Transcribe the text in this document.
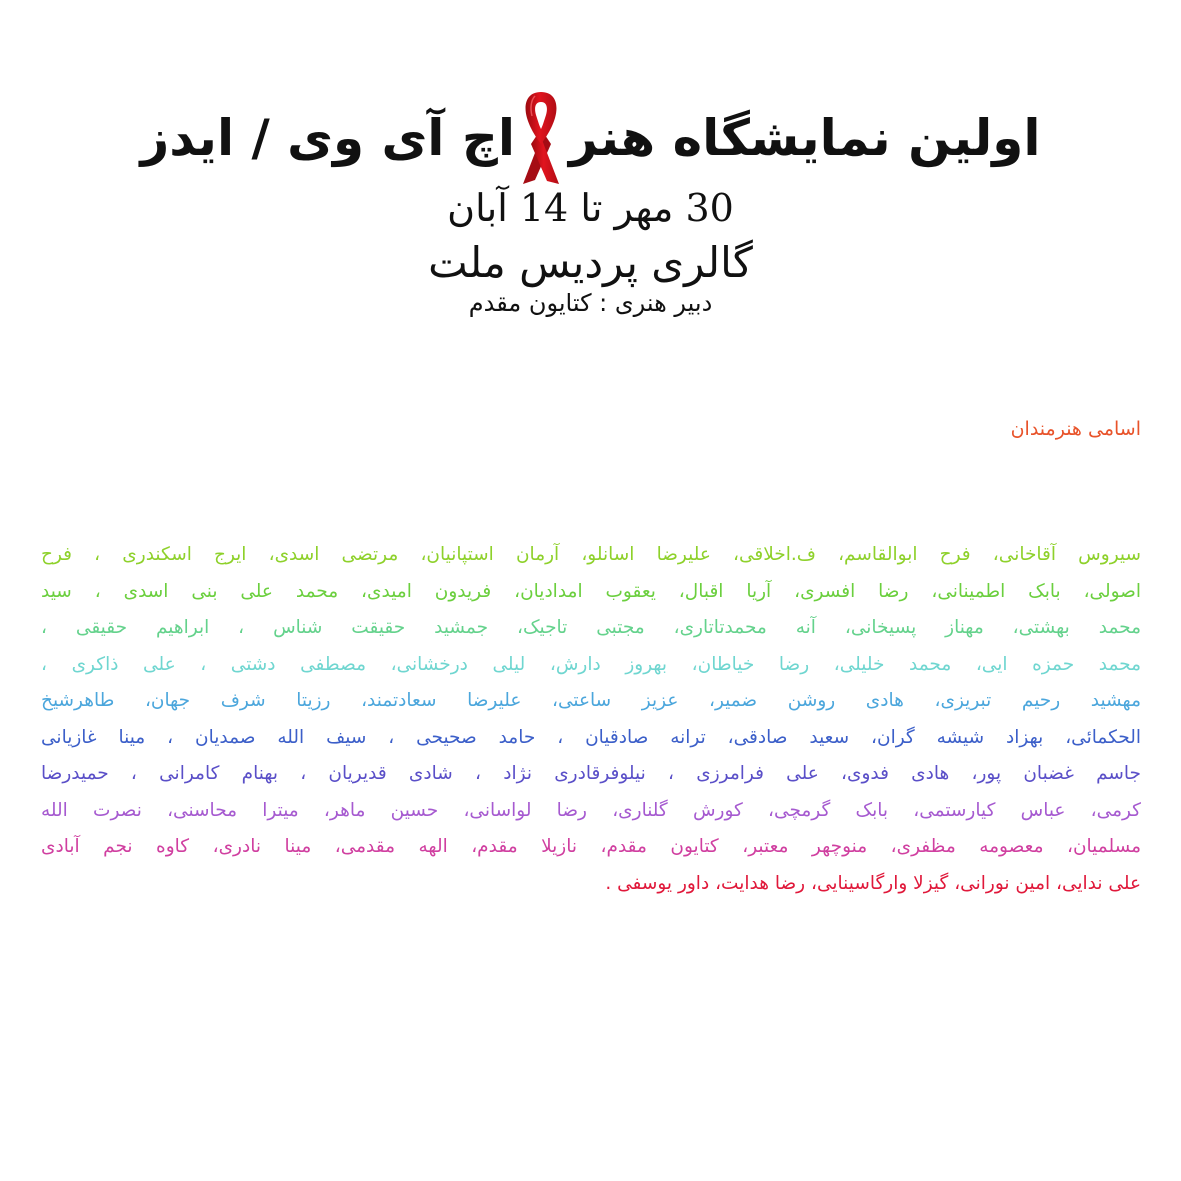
اولین نمایشگاه هنر
اچ آی وی / ایدز
30 مهر تا 14 آبان
گالری پردیس ملت
دبیر هنری : کتایون مقدم
اسامی هنرمندان
سیروس آقاخانی، فرح ابوالقاسم، ف.اخلاقی، علیرضا اسانلو، آرمان استپانیان، مرتضی اسدی، ایرج اسکندری ، فرح
اصولی، بابک اطمینانی، رضا افسری، آریا اقبال، یعقوب امدادیان، فریدون امیدی، محمد علی بنی اسدی ، سید
محمد بهشتی، مهناز پسیخانی، آنه محمدتاتاری، مجتبی تاجیک، جمشید حقیقت شناس ، ابراهیم حقیقی ،
محمد حمزه ایی، محمد خلیلی، رضا خیاطان، بهروز دارش، لیلی درخشانی، مصطفی دشتی ، علی ذاکری ،
مهشید رحیم تبریزی، هادی روشن ضمیر، عزیز ساعتی، علیرضا سعادتمند، رزیتا شرف جهان، طاهرشیخ
الحکمائی، بهزاد شیشه گران، سعید صادقی، ترانه صادقیان ، حامد صحیحی ، سیف الله صمدیان ، مینا غازیانی
جاسم غضبان پور، هادی فدوی، علی فرامرزی ، نیلوفرقادری نژاد ، شادی قدیریان ، بهنام کامرانی ، حمیدرضا
کرمی، عباس کیارستمی، بابک گرمچی، کورش گلناری، رضا لواسانی، حسین ماهر، میترا محاسنی، نصرت الله
مسلمیان، معصومه مظفری، منوچهر معتبر، کتایون مقدم، نازیلا مقدم، الهه مقدمی، مینا نادری، کاوه نجم آبادی
علی ندایی، امین نورانی، گیزلا وارگاسینایی، رضا هدایت، داور یوسفی .
